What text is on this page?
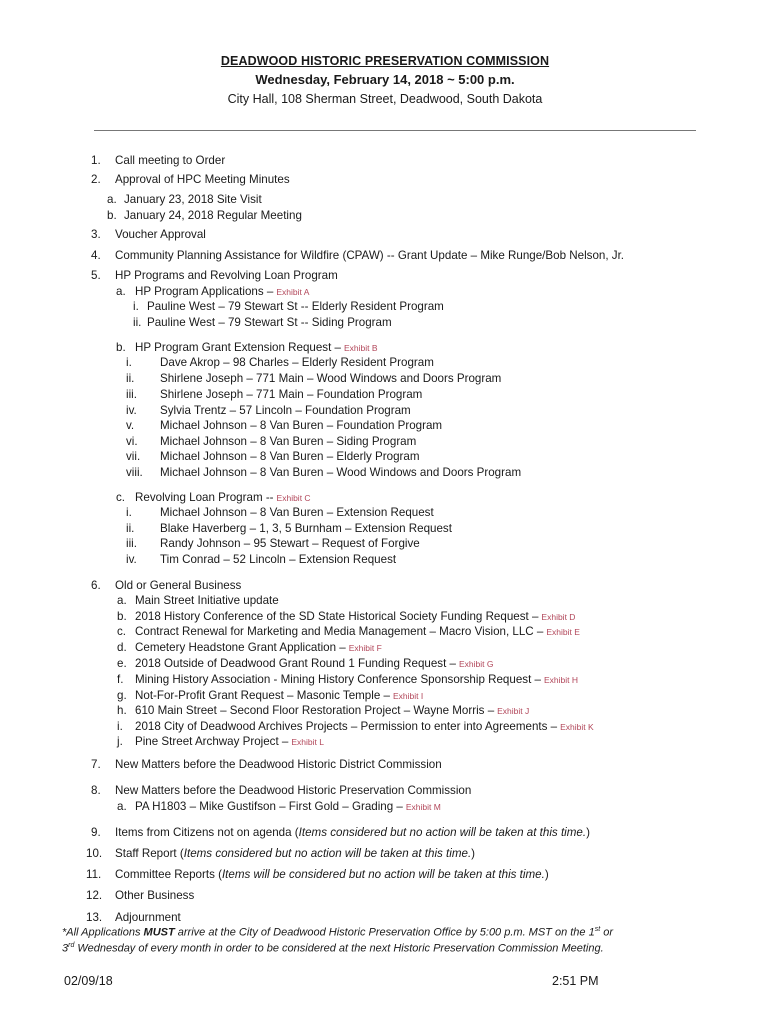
DEADWOOD HISTORIC PRESERVATION COMMISSION
Wednesday, February 14, 2018 ~ 5:00 p.m.
City Hall, 108 Sherman Street, Deadwood, South Dakota
1. Call meeting to Order
2. Approval of HPC Meeting Minutes
a. January 23, 2018 Site Visit
b. January 24, 2018 Regular Meeting
3. Voucher Approval
4. Community Planning Assistance for Wildfire (CPAW) -- Grant Update – Mike Runge/Bob Nelson, Jr.
5. HP Programs and Revolving Loan Program
a. HP Program Applications – Exhibit A
i. Pauline West – 79 Stewart St -- Elderly Resident Program
ii. Pauline West – 79 Stewart St -- Siding Program
b. HP Program Grant Extension Request – Exhibit B
i. Dave Akrop – 98 Charles – Elderly Resident Program
ii. Shirlene Joseph – 771 Main – Wood Windows and Doors Program
iii. Shirlene Joseph – 771 Main – Foundation Program
iv. Sylvia Trentz – 57 Lincoln – Foundation Program
v. Michael Johnson – 8 Van Buren – Foundation Program
vi. Michael Johnson – 8 Van Buren – Siding Program
vii. Michael Johnson – 8 Van Buren – Elderly Program
viii. Michael Johnson – 8 Van Buren – Wood Windows and Doors Program
c. Revolving Loan Program -- Exhibit C
i. Michael Johnson – 8 Van Buren – Extension Request
ii. Blake Haverberg – 1, 3, 5 Burnham – Extension Request
iii. Randy Johnson – 95 Stewart – Request of Forgive
iv. Tim Conrad – 52 Lincoln – Extension Request
6. Old or General Business
a. Main Street Initiative update
b. 2018 History Conference of the SD State Historical Society Funding Request – Exhibit D
c. Contract Renewal for Marketing and Media Management – Macro Vision, LLC – Exhibit E
d. Cemetery Headstone Grant Application – Exhibit F
e. 2018 Outside of Deadwood Grant Round 1 Funding Request – Exhibit G
f. Mining History Association - Mining History Conference Sponsorship Request – Exhibit H
g. Not-For-Profit Grant Request – Masonic Temple – Exhibit I
h. 610 Main Street – Second Floor Restoration Project – Wayne Morris – Exhibit J
i. 2018 City of Deadwood Archives Projects – Permission to enter into Agreements – Exhibit K
j. Pine Street Archway Project – Exhibit L
7. New Matters before the Deadwood Historic District Commission
8. New Matters before the Deadwood Historic Preservation Commission
a. PA H1803 – Mike Gustifson – First Gold – Grading – Exhibit M
9. Items from Citizens not on agenda (Items considered but no action will be taken at this time.)
10. Staff Report (Items considered but no action will be taken at this time.)
11. Committee Reports (Items will be considered but no action will be taken at this time.)
12. Other Business
13. Adjournment
*All Applications MUST arrive at the City of Deadwood Historic Preservation Office by 5:00 p.m. MST on the 1st or
3rd Wednesday of every month in order to be considered at the next Historic Preservation Commission Meeting.
02/09/18	2:51 PM
